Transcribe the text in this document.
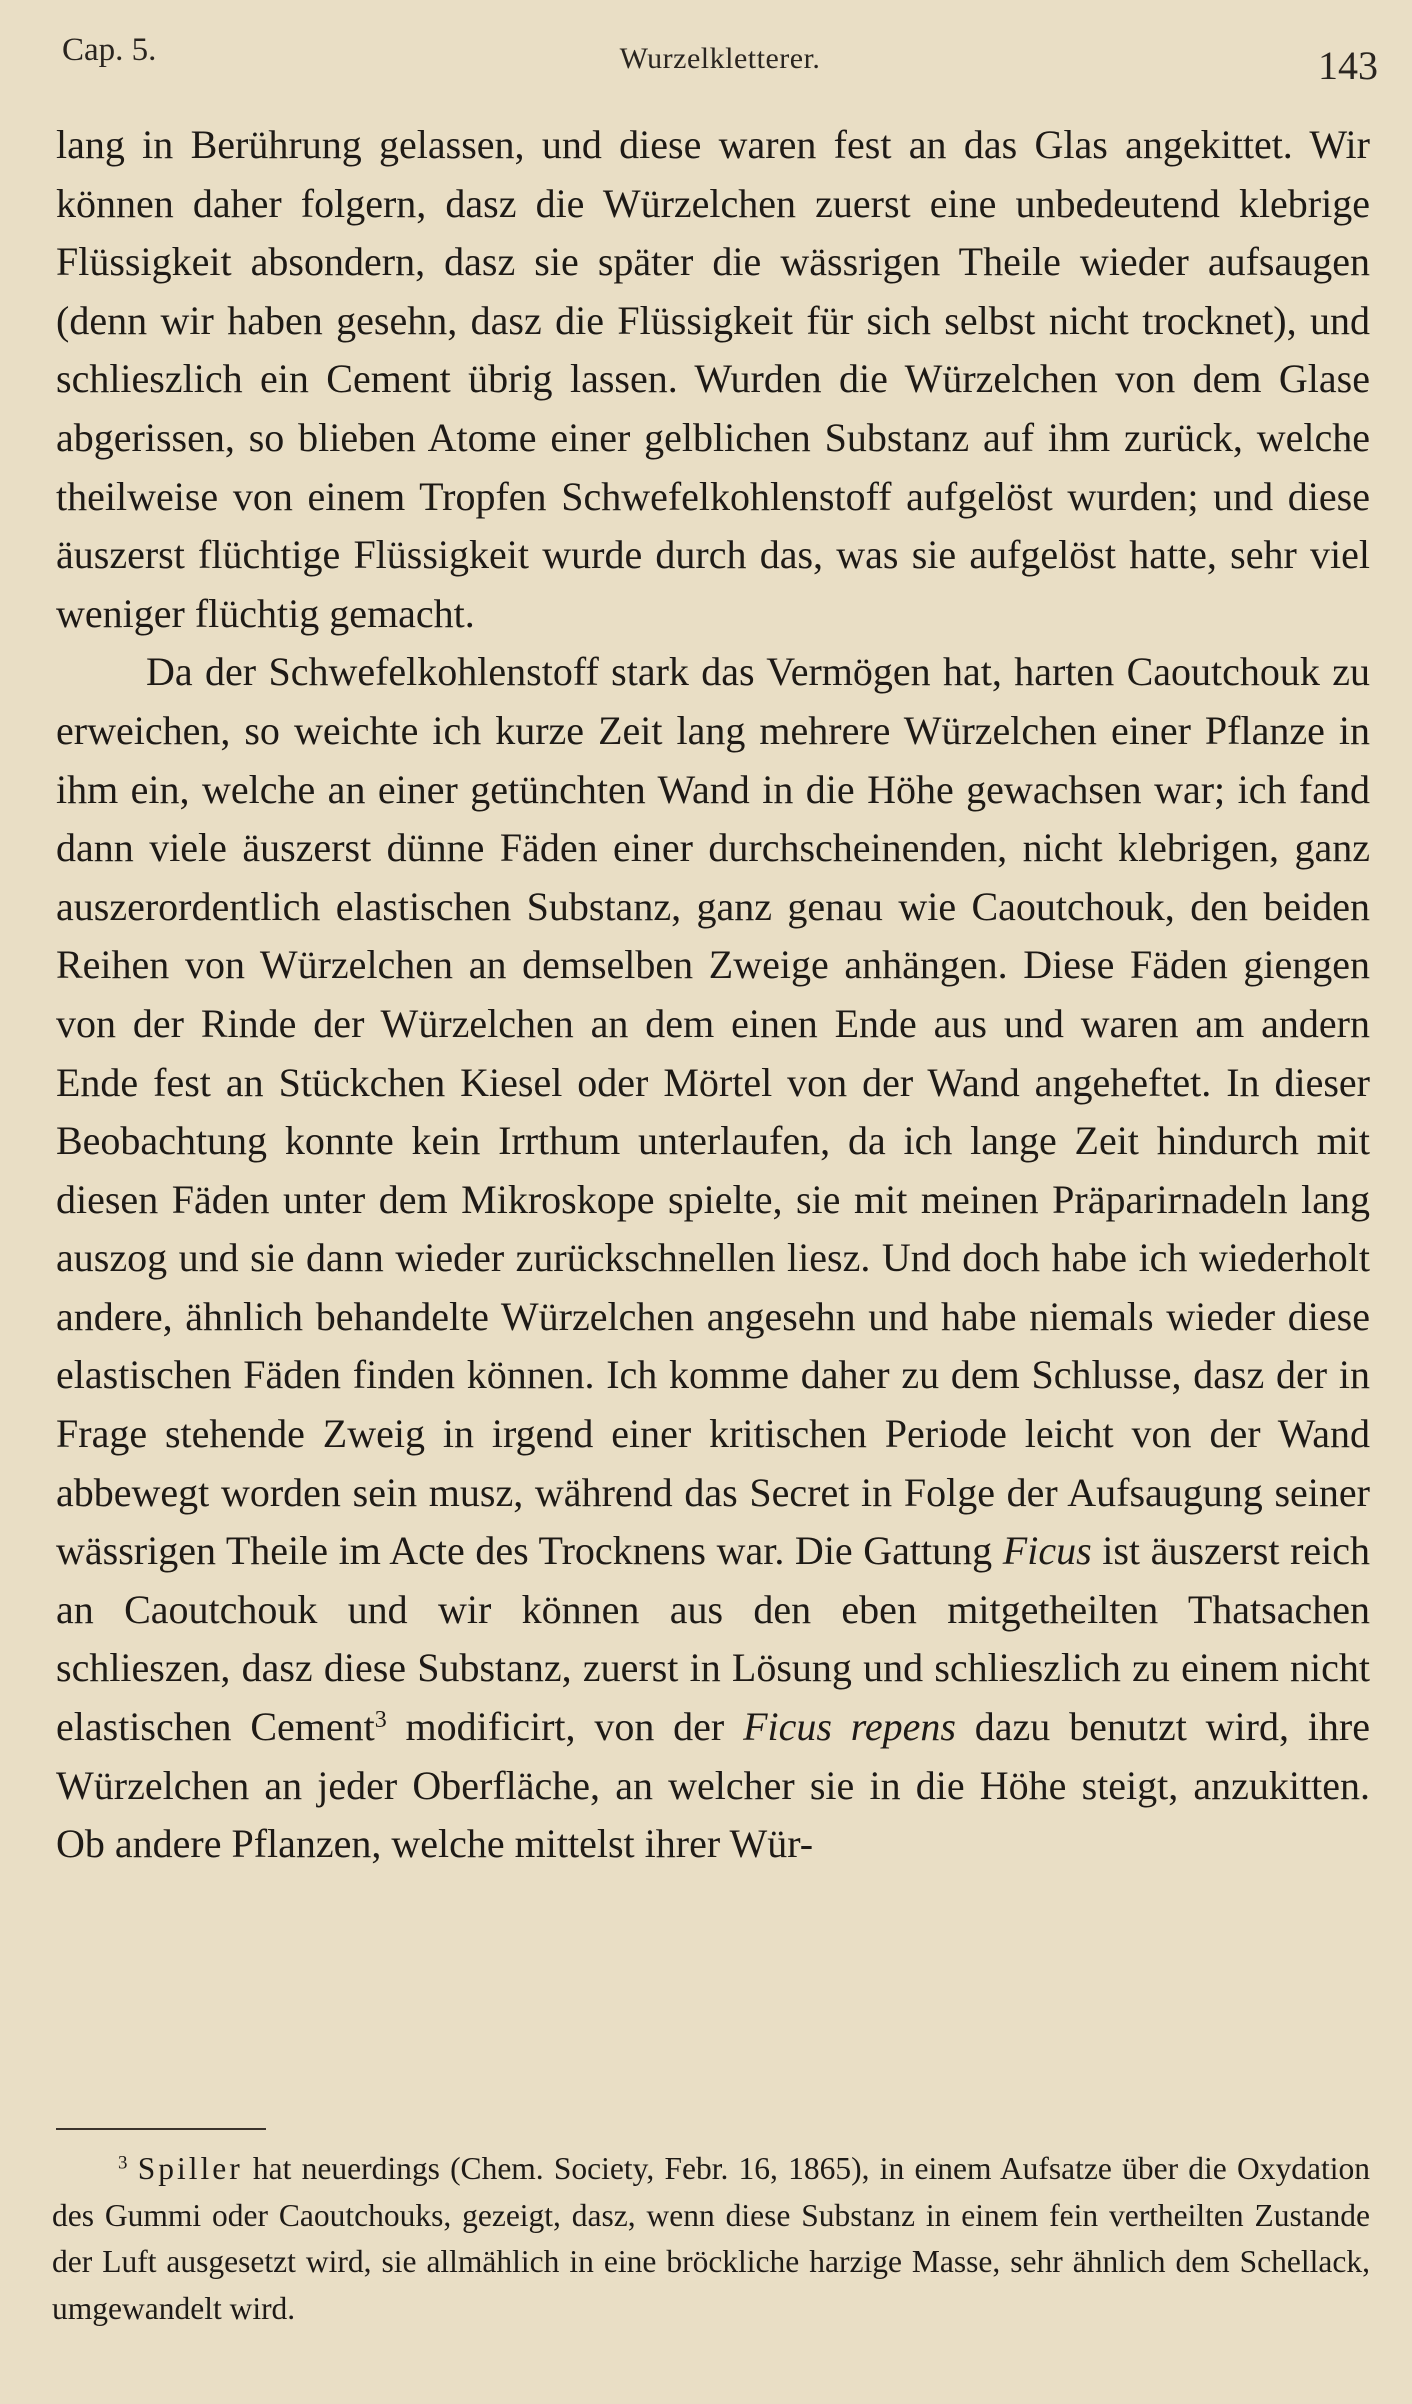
Cap. 5.	Wurzelkletterer.	143

lang in Berührung gelassen, und diese waren fest an das Glas angekittet. Wir können daher folgern, dasz die Würzelchen zuerst eine unbedeutend klebrige Flüssigkeit absondern, dasz sie später die wässrigen Theile wieder aufsaugen (denn wir haben gesehn, dasz die Flüssigkeit für sich selbst nicht trocknet), und schlieszlich ein Cement übrig lassen. Wurden die Würzelchen von dem Glase abgerissen, so blieben Atome einer gelblichen Substanz auf ihm zurück, welche theilweise von einem Tropfen Schwefelkohlenstoff aufgelöst wurden; und diese äuszerst flüchtige Flüssigkeit wurde durch das, was sie aufgelöst hatte, sehr viel weniger flüchtig gemacht.

Da der Schwefelkohlenstoff stark das Vermögen hat, harten Caoutchouk zu erweichen, so weichte ich kurze Zeit lang mehrere Würzelchen einer Pflanze in ihm ein, welche an einer getünchten Wand in die Höhe gewachsen war; ich fand dann viele äuszerst dünne Fäden einer durchscheinenden, nicht klebrigen, ganz auszerordentlich elastischen Substanz, ganz genau wie Caoutchouk, den beiden Reihen von Würzelchen an demselben Zweige anhängen. Diese Fäden giengen von der Rinde der Würzelchen an dem einen Ende aus und waren am andern Ende fest an Stückchen Kiesel oder Mörtel von der Wand angeheftet. In dieser Beobachtung konnte kein Irrthum unterlaufen, da ich lange Zeit hindurch mit diesen Fäden unter dem Mikroskope spielte, sie mit meinen Präparirnadeln lang auszog und sie dann wieder zurückschnellen liesz. Und doch habe ich wiederholt andere, ähnlich behandelte Würzelchen angesehn und habe niemals wieder diese elastischen Fäden finden können. Ich komme daher zu dem Schlusse, dasz der in Frage stehende Zweig in irgend einer kritischen Periode leicht von der Wand abbewegt worden sein musz, während das Secret in Folge der Aufsaugung seiner wässrigen Theile im Acte des Trocknens war. Die Gattung Ficus ist äuszerst reich an Caoutchouk und wir können aus den eben mitgetheilten Thatsachen schlieszen, dasz diese Substanz, zuerst in Lösung und schlieszlich zu einem nicht elastischen Cement$^3$ modificirt, von der Ficus repens dazu benutzt wird, ihre Würzelchen an jeder Oberfläche, an welcher sie in die Höhe steigt, anzukitten. Ob andere Pflanzen, welche mittelst ihrer Wür-

$^3$ Spiller hat neuerdings (Chem. Society, Febr. 16, 1865), in einem Aufsatze über die Oxydation des Gummi oder Caoutchouks, gezeigt, dasz, wenn diese Substanz in einem fein vertheilten Zustande der Luft ausgesetzt wird, sie allmählich in eine bröckliche harzige Masse, sehr ähnlich dem Schellack, umgewandelt wird.
